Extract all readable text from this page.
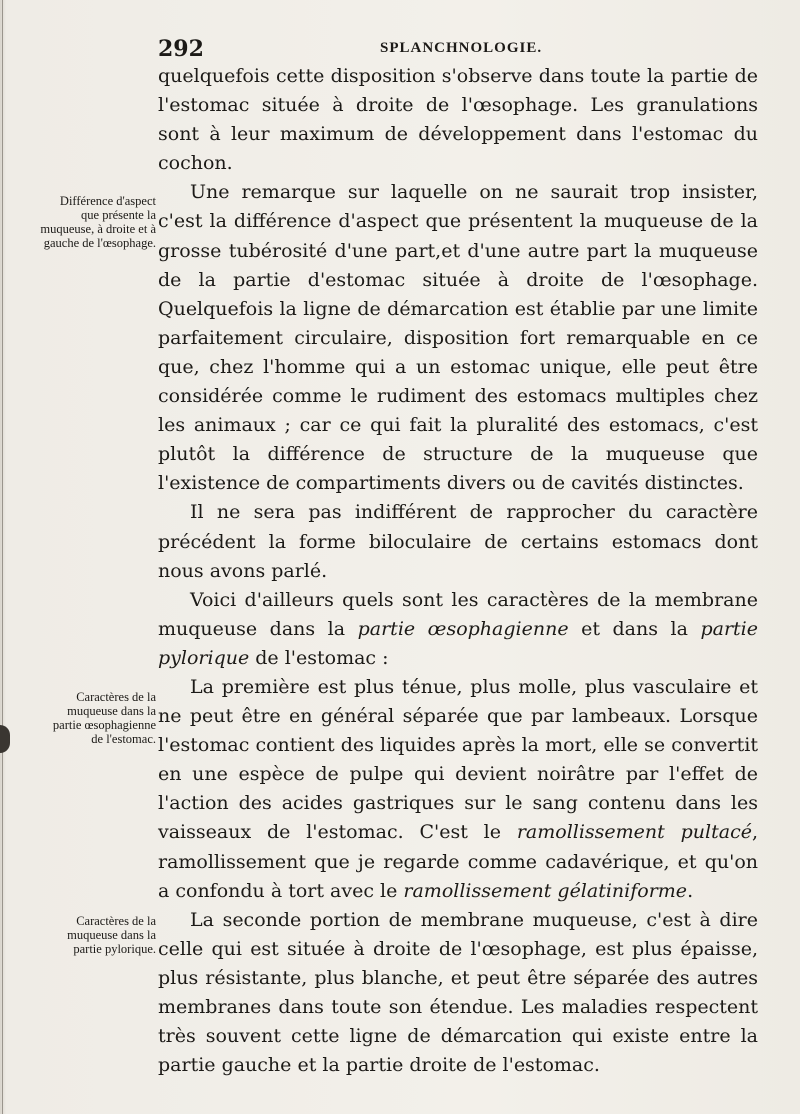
292	SPLANCHNOLOGIE.
Différence d'aspect que présente la muqueuse, à droite et à gauche de l'œsophage.
Caractères de la muqueuse dans la partie œsophagienne de l'estomac.
Caractères de la muqueuse dans la partie pylorique.

quelquefois cette disposition s'observe dans toute la partie de l'estomac située à droite de l'œsophage. Les granulations sont à leur maximum de développement dans l'estomac du cochon.

Une remarque sur laquelle on ne saurait trop insister, c'est la différence d'aspect que présentent la muqueuse de la grosse tubérosité d'une part,et d'une autre part la muqueuse de la partie d'estomac située à droite de l'œsophage. Quelquefois la ligne de démarcation est établie par une limite parfaitement circulaire, disposition fort remarquable en ce que, chez l'homme qui a un estomac unique, elle peut être considérée comme le rudiment des estomacs multiples chez les animaux ; car ce qui fait la pluralité des estomacs, c'est plutôt la différence de structure de la muqueuse que l'existence de compartiments divers ou de cavités distinctes.

Il ne sera pas indifférent de rapprocher du caractère précédent la forme biloculaire de certains estomacs dont nous avons parlé.

Voici d'ailleurs quels sont les caractères de la membrane muqueuse dans la partie œsophagienne et dans la partie pylorique de l'estomac :

La première est plus ténue, plus molle, plus vasculaire et ne peut être en général séparée que par lambeaux. Lorsque l'estomac contient des liquides après la mort, elle se convertit en une espèce de pulpe qui devient noirâtre par l'effet de l'action des acides gastriques sur le sang contenu dans les vaisseaux de l'estomac. C'est le ramollissement pultacé, ramollissement que je regarde comme cadavérique, et qu'on a confondu à tort avec le ramollissement gélatiniforme.

La seconde portion de membrane muqueuse, c'est à dire celle qui est située à droite de l'œsophage, est plus épaisse, plus résistante, plus blanche, et peut être séparée des autres membranes dans toute son étendue. Les maladies respectent très souvent cette ligne de démarcation qui existe entre la partie gauche et la partie droite de l'estomac.
